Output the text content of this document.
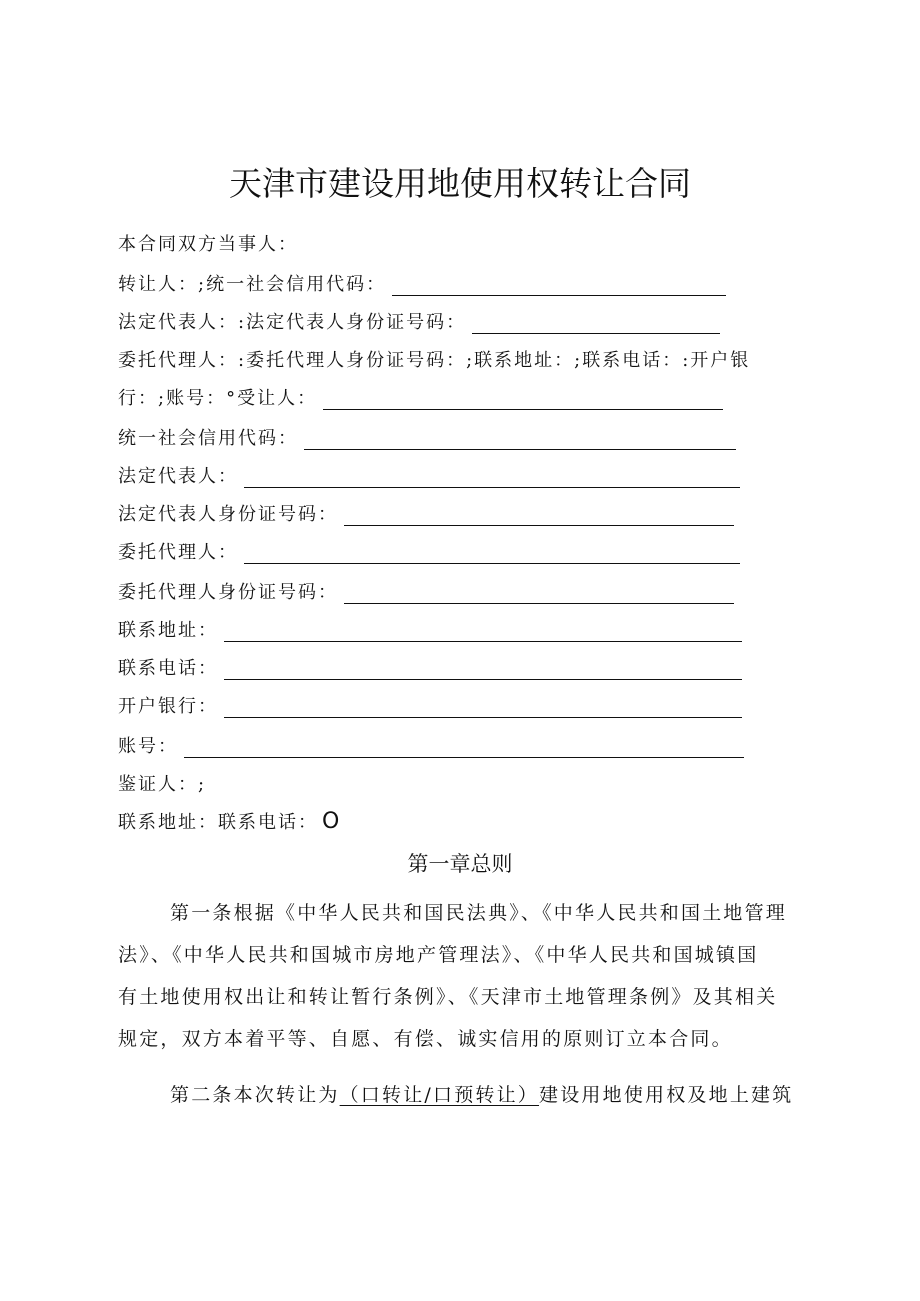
天津市建设用地使用权转让合同
本合同双方当事人：
转让人：;统一社会信用代码：
法定代表人：:法定代表人身份证号码：
委托代理人：:委托代理人身份证号码：;联系地址：;联系电话：:开户银
行：;账号：°受让人：
统一社会信用代码：
法定代表人：
法定代表人身份证号码：
委托代理人：
委托代理人身份证号码：
联系地址：
联系电话：
开户银行：
账号：
鉴证人：;
联系地址：联系电话： O
第一章总则
第一条根据《中华人民共和国民法典》、《中华人民共和国土地管理
法》、《中华人民共和国城市房地产管理法》、《中华人民共和国城镇国
有土地使用权出让和转让暂行条例》、《天津市土地管理条例》及其相关
规定，双方本着平等、自愿、有偿、诚实信用的原则订立本合同。
第二条本次转让为（口转让/口预转让）建设用地使用权及地上建筑
